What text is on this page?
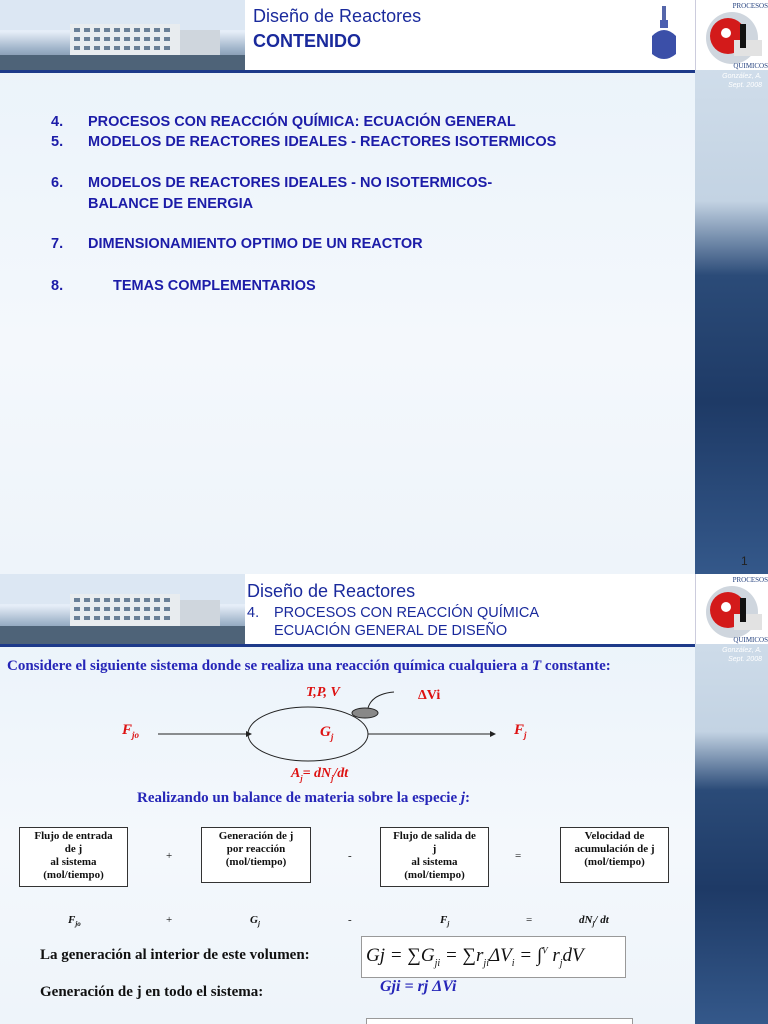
Diseño de Reactores
CONTENIDO
PROCESOS
QUIMICOS
González, A.
Sept. 2008
4. PROCESOS CON REACCIÓN QUÍMICA: ECUACIÓN GENERAL
5. MODELOS DE REACTORES IDEALES - REACTORES ISOTERMICOS
6. MODELOS DE REACTORES IDEALES - NO ISOTERMICOS-
BALANCE DE ENERGIA
7. DIMENSIONAMIENTO OPTIMO DE UN REACTOR
8.	TEMAS COMPLEMENTARIOS
1
Diseño de Reactores
4. PROCESOS CON REACCIÓN QUÍMICA
ECUACIÓN GENERAL DE DISEÑO
PROCESOS
QUIMICOS
González, A.
Sept. 2008
Considere el siguiente sistema donde se realiza una reacción química cualquiera a T constante:
T,P, V	ΔVi
$F_{jo}$	$G_j$	$F_j$
$A_j= dN_j/dt$
Realizando un balance de materia sobre la especie j:
Flujo de entrada
de j
al sistema
(mol/tiempo)
Generación de j
por reacción
(mol/tiempo)
Flujo de salida de
j
al sistema
(mol/tiempo)
Velocidad de
acumulación de j
(mol/tiempo)
+	-	=
$F_{jo}$	+	$G_j$	-	$F_j$	=	$dN_j/$ dt
La generación al interior de este volumen:	$Gj = \sum G_{ji} = \sum r_{ji}\Delta V_i = \int^V$ $r_jdV$
Generación de j en todo el sistema:	Gji = rj ΔVi
